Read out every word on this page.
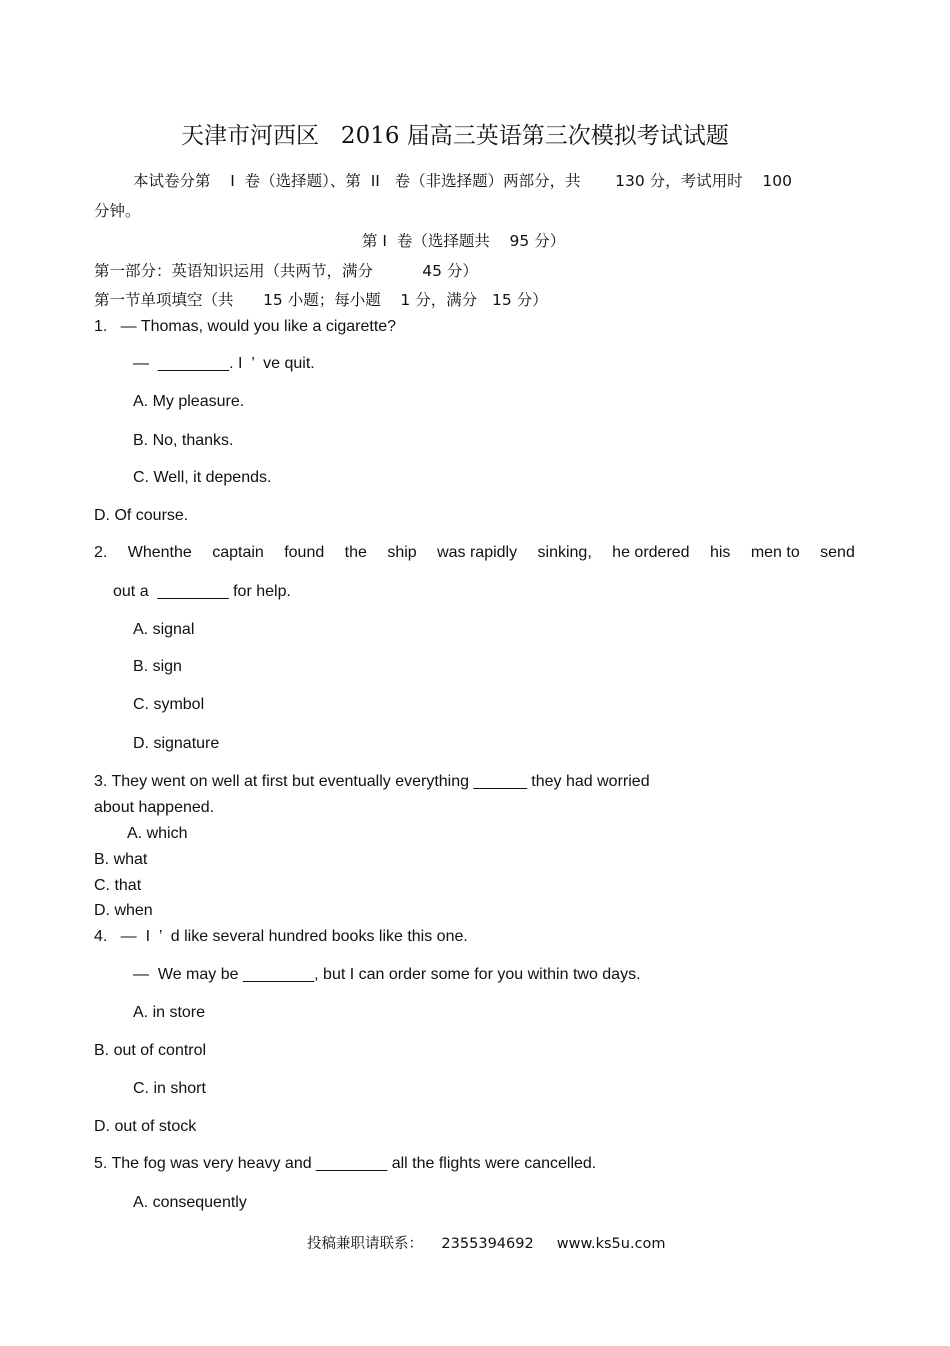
天津市河西区   2016 届高三英语第三次模拟考试试题
本试卷分第    I  卷（选择题）、第  II   卷（非选择题）两部分，共       130 分，考试用时    100
分钟。
第 I  卷（选择题共    95 分）
第一部分：英语知识运用（共两节，满分          45 分）
第一节单项填空（共      15 小题；每小题    1 分，满分   15 分）
1.   — Thomas, would you like a cigarette?
—  ________. I  ’  ve quit.
A. My pleasure.
B. No, thanks.
C. Well, it depends.
D. Of course.
2. Whenthe captain found the ship was rapidly sinking, he ordered his men to send
out a  ________ for help.
A. signal
B. sign
C. symbol
D. signature
3. They went on well at first but eventually everything ______ they had worried
about happened.
A. which
B. what
C. that
D. when
4.   —  I  ’  d like several hundred books like this one.
—  We may be ________, but I can order some for you within two days.
A. in store
B. out of control
C. in short
D. out of stock
5. The fog was very heavy and ________ all the flights were cancelled.
A. consequently
投稿兼职请联系：    2355394692     www.ks5u.com
